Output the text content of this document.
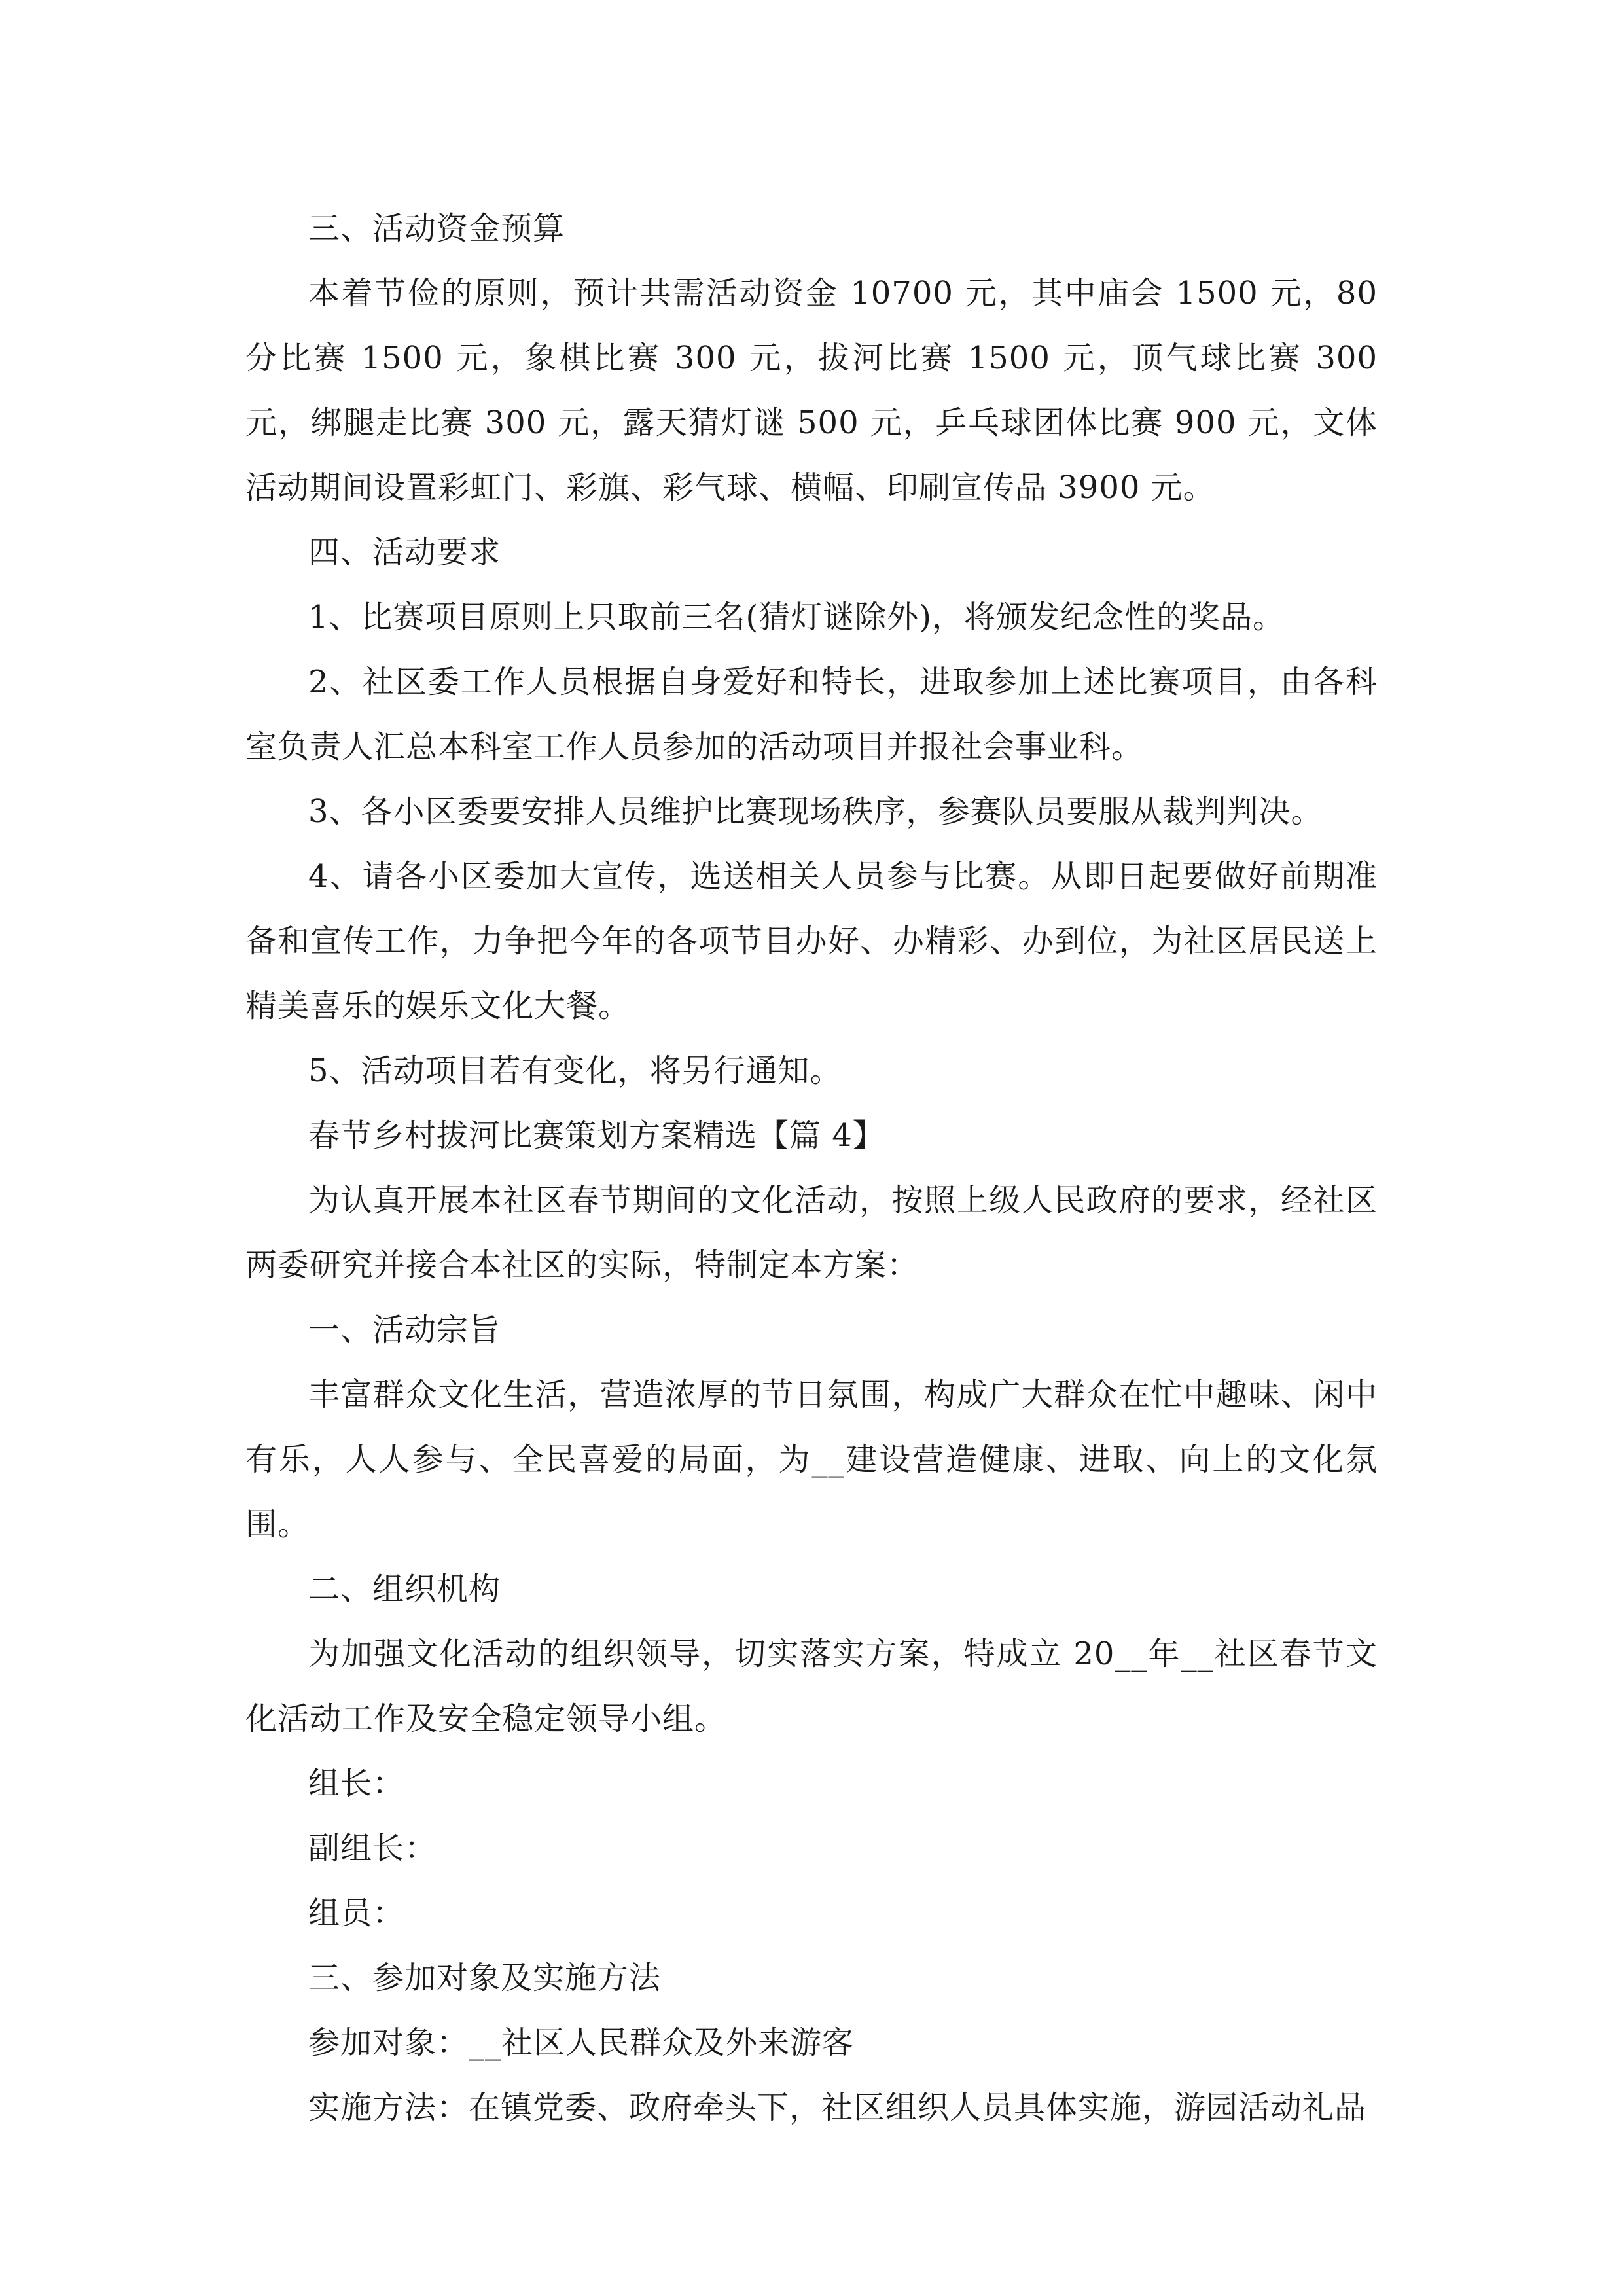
三、活动资金预算

本着节俭的原则，预计共需活动资金 10700 元，其中庙会 1500 元，80 分比赛 1500 元，象棋比赛 300 元，拔河比赛 1500 元，顶气球比赛 300 元，绑腿走比赛 300 元，露天猜灯谜 500 元，乒乓球团体比赛 900 元，文体活动期间设置彩虹门、彩旗、彩气球、横幅、印刷宣传品 3900 元。

四、活动要求

1、比赛项目原则上只取前三名(猜灯谜除外)，将颁发纪念性的奖品。

2、社区委工作人员根据自身爱好和特长，进取参加上述比赛项目，由各科室负责人汇总本科室工作人员参加的活动项目并报社会事业科。

3、各小区委要安排人员维护比赛现场秩序，参赛队员要服从裁判判决。

4、请各小区委加大宣传，选送相关人员参与比赛。从即日起要做好前期准备和宣传工作，力争把今年的各项节目办好、办精彩、办到位，为社区居民送上精美喜乐的娱乐文化大餐。

5、活动项目若有变化，将另行通知。

春节乡村拔河比赛策划方案精选【篇 4】

为认真开展本社区春节期间的文化活动，按照上级人民政府的要求，经社区两委研究并接合本社区的实际，特制定本方案：

一、活动宗旨

丰富群众文化生活，营造浓厚的节日氛围，构成广大群众在忙中趣味、闲中有乐，人人参与、全民喜爱的局面，为__建设营造健康、进取、向上的文化氛围。

二、组织机构

为加强文化活动的组织领导，切实落实方案，特成立 20__年__社区春节文化活动工作及安全稳定领导小组。

组长：

副组长：

组员：

三、参加对象及实施方法

参加对象：__社区人民群众及外来游客

实施方法：在镇党委、政府牵头下，社区组织人员具体实施，游园活动礼品
